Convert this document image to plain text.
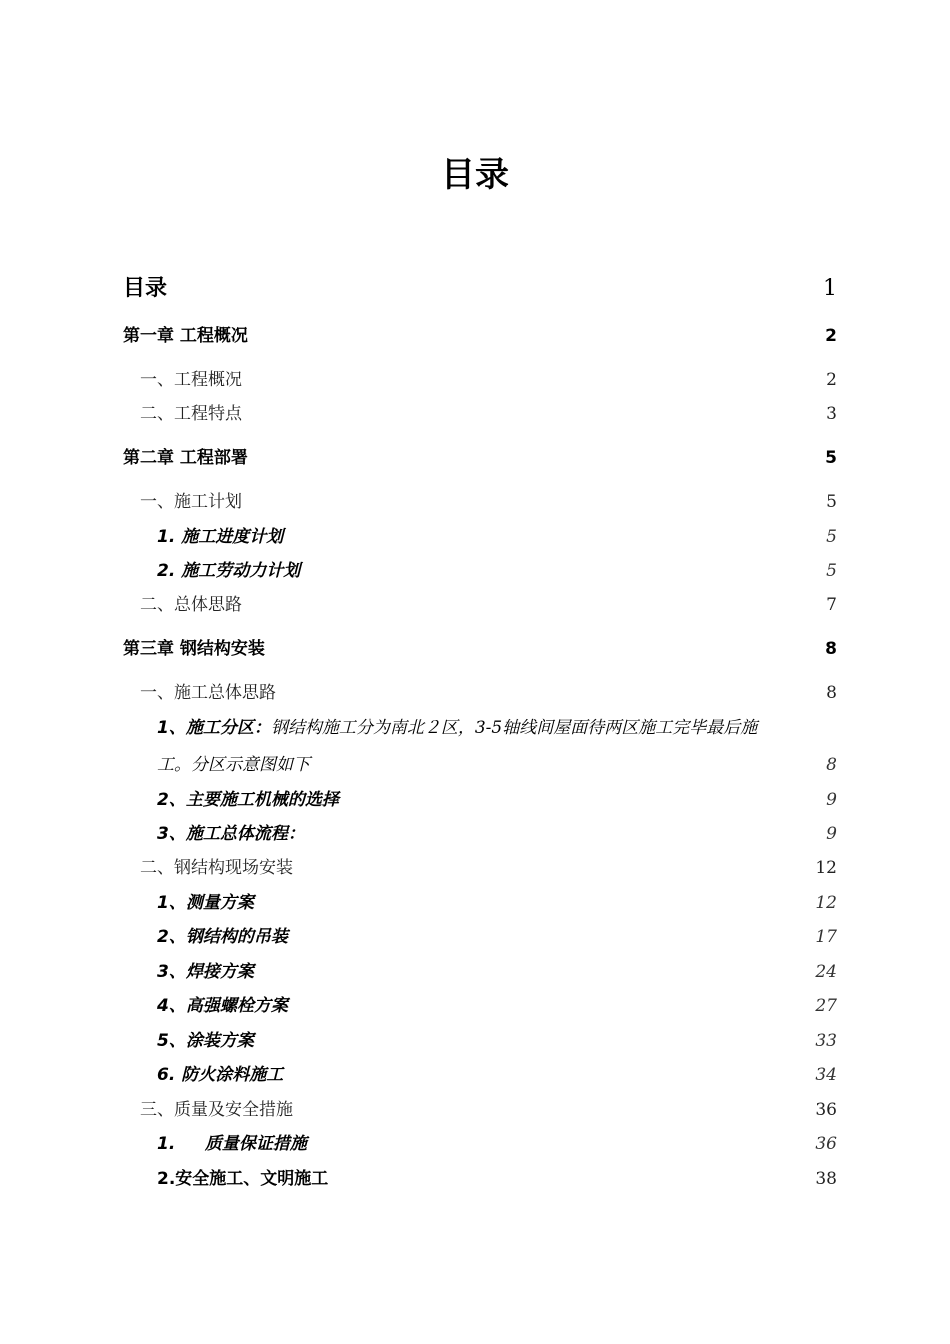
目录
目录	1
第一章 工程概况	2
一、工程概况	2
二、工程特点	3
第二章 工程部署	5
一、施工计划	5
1. 施工进度计划	5
2. 施工劳动力计划	5
二、总体思路	7
第三章 钢结构安装	8
一、施工总体思路	8
1、施工分区：钢结构施工分为南北２区，3-5轴线间屋面待两区施工完毕最后施
工。分区示意图如下	8
2、主要施工机械的选择	9
3、施工总体流程：	9
二、钢结构现场安装	12
1、测量方案	12
2、钢结构的吊装	17
3、焊接方案	24
4、高强螺栓方案	27
5、涂装方案	33
6. 防火涂料施工	34
三、质量及安全措施	36
1.     质量保证措施	36
2.安全施工、文明施工	38
